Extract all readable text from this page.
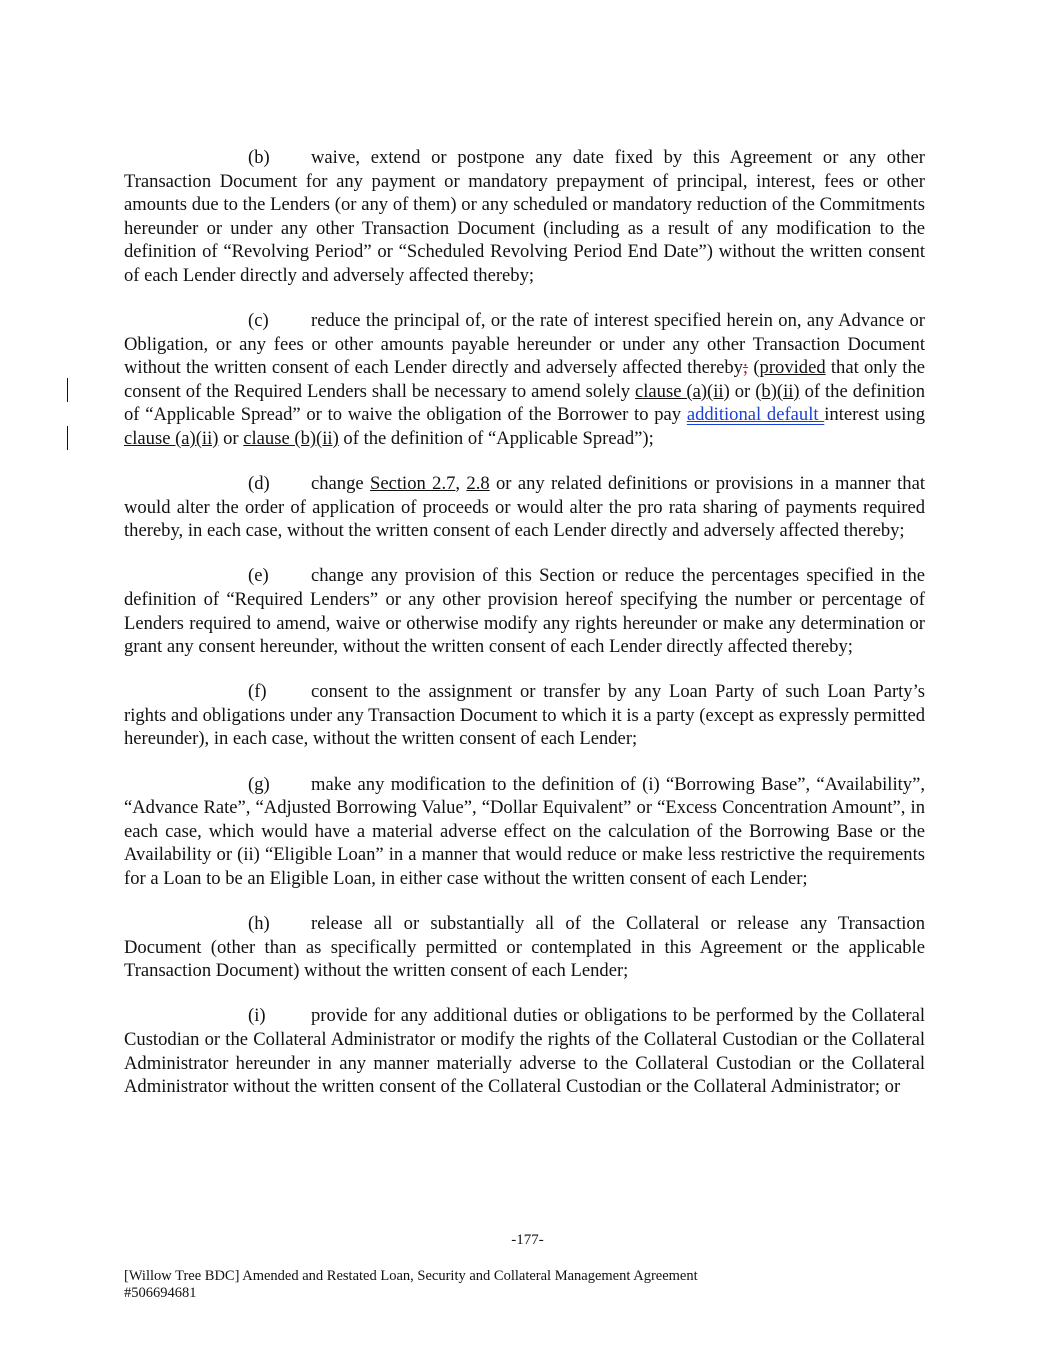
(b) waive, extend or postpone any date fixed by this Agreement or any other Transaction Document for any payment or mandatory prepayment of principal, interest, fees or other amounts due to the Lenders (or any of them) or any scheduled or mandatory reduction of the Commitments hereunder or under any other Transaction Document (including as a result of any modification to the definition of “Revolving Period” or “Scheduled Revolving Period End Date”) without the written consent of each Lender directly and adversely affected thereby;

(c) reduce the principal of, or the rate of interest specified herein on, any Advance or Obligation, or any fees or other amounts payable hereunder or under any other Transaction Document without the written consent of each Lender directly and adversely affected thereby; (provided that only the consent of the Required Lenders shall be necessary to amend solely clause (a)(ii) or (b)(ii) of the definition of “Applicable Spread” or to waive the obligation of the Borrower to pay additional default interest using clause (a)(ii) or clause (b)(ii) of the definition of “Applicable Spread”);

(d) change Section 2.7, 2.8 or any related definitions or provisions in a manner that would alter the order of application of proceeds or would alter the pro rata sharing of payments required thereby, in each case, without the written consent of each Lender directly and adversely affected thereby;

(e) change any provision of this Section or reduce the percentages specified in the definition of “Required Lenders” or any other provision hereof specifying the number or percentage of Lenders required to amend, waive or otherwise modify any rights hereunder or make any determination or grant any consent hereunder, without the written consent of each Lender directly affected thereby;

(f) consent to the assignment or transfer by any Loan Party of such Loan Party’s rights and obligations under any Transaction Document to which it is a party (except as expressly permitted hereunder), in each case, without the written consent of each Lender;

(g) make any modification to the definition of (i) “Borrowing Base”, “Availability”, “Advance Rate”, “Adjusted Borrowing Value”, “Dollar Equivalent” or “Excess Concentration Amount”, in each case, which would have a material adverse effect on the calculation of the Borrowing Base or the Availability or (ii) “Eligible Loan” in a manner that would reduce or make less restrictive the requirements for a Loan to be an Eligible Loan, in either case without the written consent of each Lender;

(h) release all or substantially all of the Collateral or release any Transaction Document (other than as specifically permitted or contemplated in this Agreement or the applicable Transaction Document) without the written consent of each Lender;

(i) provide for any additional duties or obligations to be performed by the Collateral Custodian or the Collateral Administrator or modify the rights of the Collateral Custodian or the Collateral Administrator hereunder in any manner materially adverse to the Collateral Custodian or the Collateral Administrator without the written consent of the Collateral Custodian or the Collateral Administrator; or

-177-
[Willow Tree BDC] Amended and Restated Loan, Security and Collateral Management Agreement
#506694681
